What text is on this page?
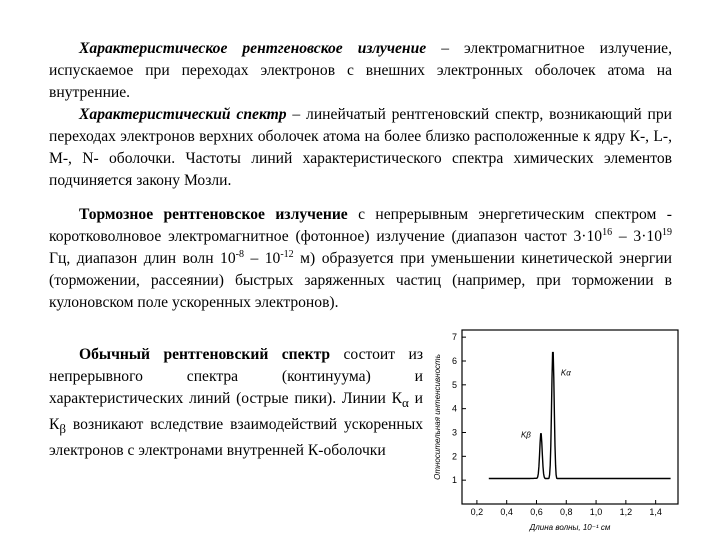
Характеристическое рентгеновское излучение – электромагнитное излучение, испускаемое при переходах электронов с внешних электронных оболочек атома на внутренние.

Характеристический спектр – линейчатый рентгеновский спектр, возникающий при переходах электронов верхних оболочек атома на более близко расположенные к ядру К-, L-, М-, N- оболочки. Частоты линий характеристического спектра химических элементов подчиняется закону Мозли.

Тормозное рентгеновское излучение с непрерывным энергетическим спектром - коротковолновое электромагнитное (фотонное) излучение (диапазон частот $3\cdot 10^{16} - 3\cdot 10^{19}$ Гц, диапазон длин волн $10^{-8} - 10^{-12}$ м) образуется при уменьшении кинетической энергии (торможении, рассеянии) быстрых заряженных частиц (например, при торможении в кулоновском поле ускоренных электронов).

Обычный рентгеновский спектр состоит из непрерывного спектра (континуума) и характеристических линий (острые пики). Линии $К_\alpha$ и $К_\beta$ возникают вследствие взаимодействий ускоренных электронов с электронами внутренней К-оболочки

0,2 0,4 0,6 0,8 1,0 1,2 1,4
1
2
3
4
5
6
7
Длина волны, 10⁻¹ см
Относительная интенсивность	Kα
Kβ
